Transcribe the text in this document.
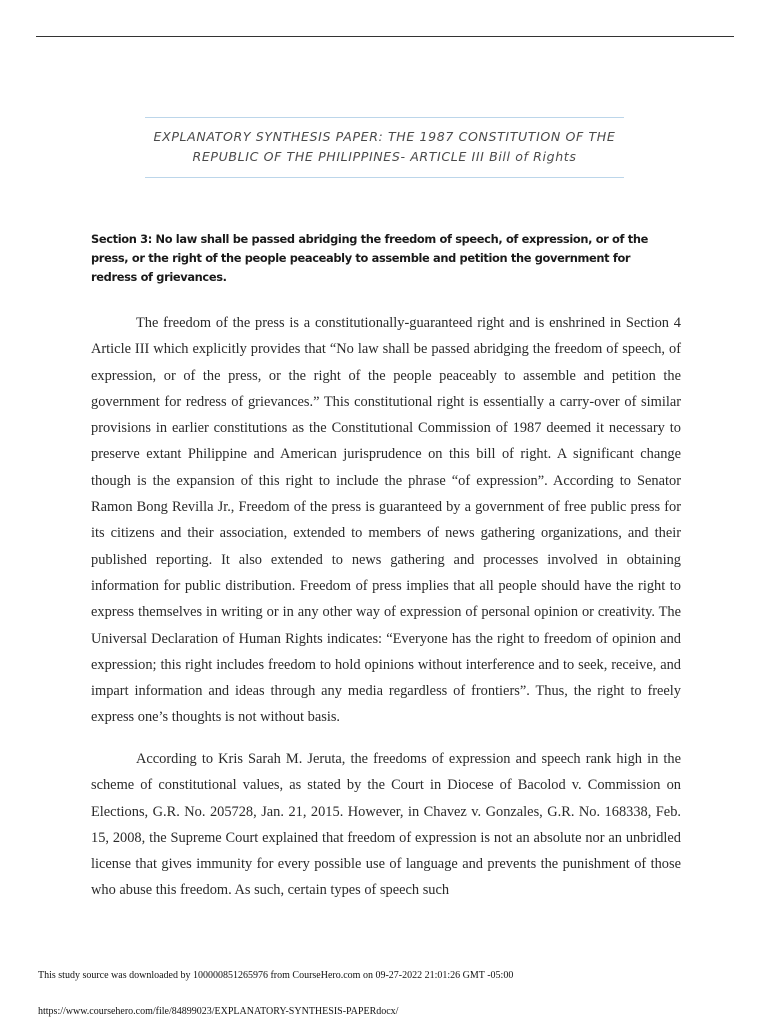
EXPLANATORY SYNTHESIS PAPER: THE 1987 CONSTITUTION OF THE REPUBLIC OF THE PHILIPPINES- ARTICLE III Bill of Rights

Section 3: No law shall be passed abridging the freedom of speech, of expression, or of the press, or the right of the people peaceably to assemble and petition the government for redress of grievances.

The freedom of the press is a constitutionally-guaranteed right and is enshrined in Section 4 Article III which explicitly provides that “No law shall be passed abridging the freedom of speech, of expression, or of the press, or the right of the people peaceably to assemble and petition the government for redress of grievances.” This constitutional right is essentially a carry-over of similar provisions in earlier constitutions as the Constitutional Commission of 1987 deemed it necessary to preserve extant Philippine and American jurisprudence on this bill of right. A significant change though is the expansion of this right to include the phrase “of expression”. According to Senator Ramon Bong Revilla Jr., Freedom of the press is guaranteed by a government of free public press for its citizens and their association, extended to members of news gathering organizations, and their published reporting. It also extended to news gathering and processes involved in obtaining information for public distribution. Freedom of press implies that all people should have the right to express themselves in writing or in any other way of expression of personal opinion or creativity. The Universal Declaration of Human Rights indicates: “Everyone has the right to freedom of opinion and expression; this right includes freedom to hold opinions without interference and to seek, receive, and impart information and ideas through any media regardless of frontiers”. Thus, the right to freely express one’s thoughts is not without basis.

According to Kris Sarah M. Jeruta, the freedoms of expression and speech rank high in the scheme of constitutional values, as stated by the Court in Diocese of Bacolod v. Commission on Elections, G.R. No. 205728, Jan. 21, 2015. However, in Chavez v. Gonzales, G.R. No. 168338, Feb. 15, 2008, the Supreme Court explained that freedom of expression is not an absolute nor an unbridled license that gives immunity for every possible use of language and prevents the punishment of those who abuse this freedom. As such, certain types of speech such

This study source was downloaded by 100000851265976 from CourseHero.com on 09-27-2022 21:01:26 GMT -05:00

https://www.coursehero.com/file/84899023/EXPLANATORY-SYNTHESIS-PAPERdocx/
